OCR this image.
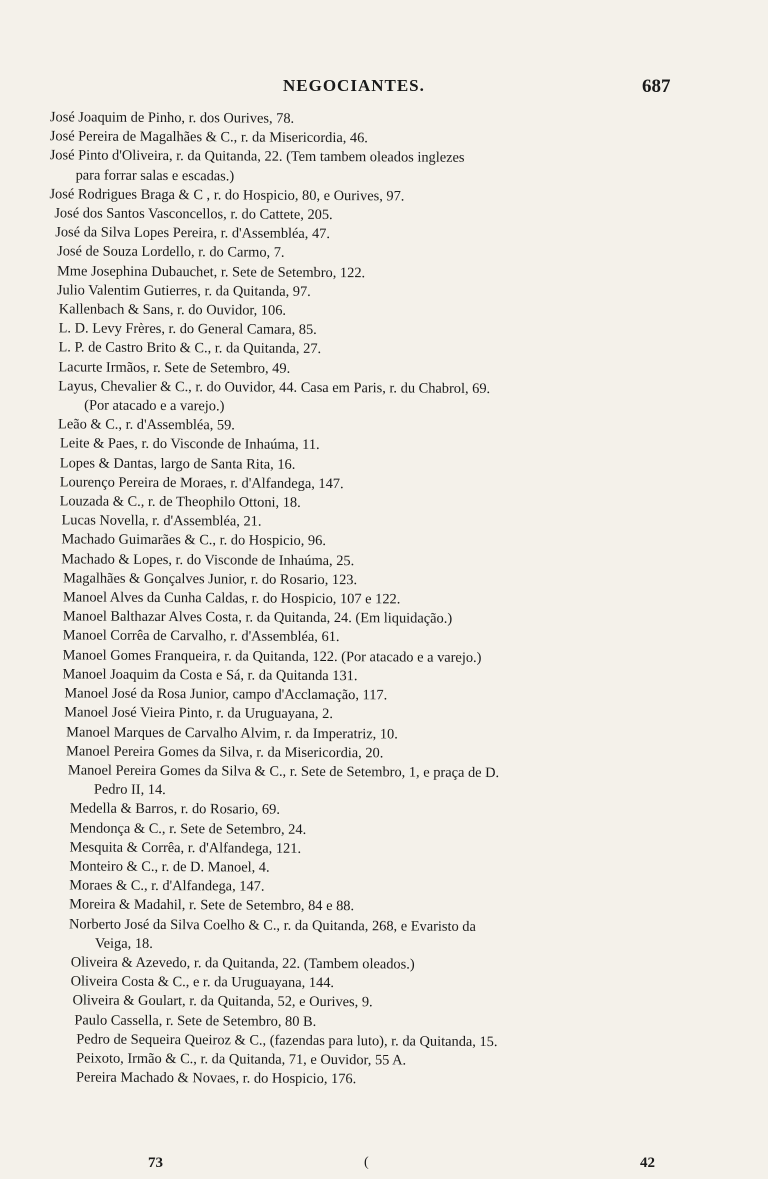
NEGOCIANTES.	687
José Joaquim de Pinho, r. dos Ourives, 78.
José Pereira de Magalhães & C., r. da Misericordia, 46.
José Pinto d'Oliveira, r. da Quitanda, 22. (Tem tambem oleados inglezes
para forrar salas e escadas.)
José Rodrigues Braga & C , r. do Hospicio, 80, e Ourives, 97.
José dos Santos Vasconcellos, r. do Cattete, 205.
José da Silva Lopes Pereira, r. d'Assembléa, 47.
José de Souza Lordello, r. do Carmo, 7.
Mme Josephina Dubauchet, r. Sete de Setembro, 122.
Julio Valentim Gutierres, r. da Quitanda, 97.
Kallenbach & Sans, r. do Ouvidor, 106.
L. D. Levy Frères, r. do General Camara, 85.
L. P. de Castro Brito & C., r. da Quitanda, 27.
Lacurte Irmãos, r. Sete de Setembro, 49.
Layus, Chevalier & C., r. do Ouvidor, 44. Casa em Paris, r. du Chabrol, 69.
(Por atacado e a varejo.)
Leão & C., r. d'Assembléa, 59.
Leite & Paes, r. do Visconde de Inhaúma, 11.
Lopes & Dantas, largo de Santa Rita, 16.
Lourenço Pereira de Moraes, r. d'Alfandega, 147.
Louzada & C., r. de Theophilo Ottoni, 18.
Lucas Novella, r. d'Assembléa, 21.
Machado Guimarães & C., r. do Hospicio, 96.
Machado & Lopes, r. do Visconde de Inhaúma, 25.
Magalhães & Gonçalves Junior, r. do Rosario, 123.
Manoel Alves da Cunha Caldas, r. do Hospicio, 107 e 122.
Manoel Balthazar Alves Costa, r. da Quitanda, 24. (Em liquidação.)
Manoel Corrêa de Carvalho, r. d'Assembléa, 61.
Manoel Gomes Franqueira, r. da Quitanda, 122. (Por atacado e a varejo.)
Manoel Joaquim da Costa e Sá, r. da Quitanda 131.
Manoel José da Rosa Junior, campo d'Acclamação, 117.
Manoel José Vieira Pinto, r. da Uruguayana, 2.
Manoel Marques de Carvalho Alvim, r. da Imperatriz, 10.
Manoel Pereira Gomes da Silva, r. da Misericordia, 20.
Manoel Pereira Gomes da Silva & C., r. Sete de Setembro, 1, e praça de D.
Pedro II, 14.
Medella & Barros, r. do Rosario, 69.
Mendonça & C., r. Sete de Setembro, 24.
Mesquita & Corrêa, r. d'Alfandega, 121.
Monteiro & C., r. de D. Manoel, 4.
Moraes & C., r. d'Alfandega, 147.
Moreira & Madahil, r. Sete de Setembro, 84 e 88.
Norberto José da Silva Coelho & C., r. da Quitanda, 268, e Evaristo da
Veiga, 18.
Oliveira & Azevedo, r. da Quitanda, 22. (Tambem oleados.)
Oliveira Costa & C., e r. da Uruguayana, 144.
Oliveira & Goulart, r. da Quitanda, 52, e Ourives, 9.
Paulo Cassella, r. Sete de Setembro, 80 B.
Pedro de Sequeira Queiroz & C., (fazendas para luto), r. da Quitanda, 15.
Peixoto, Irmão & C., r. da Quitanda, 71, e Ouvidor, 55 A.
Pereira Machado & Novaes, r. do Hospicio, 176.
73	(	42
